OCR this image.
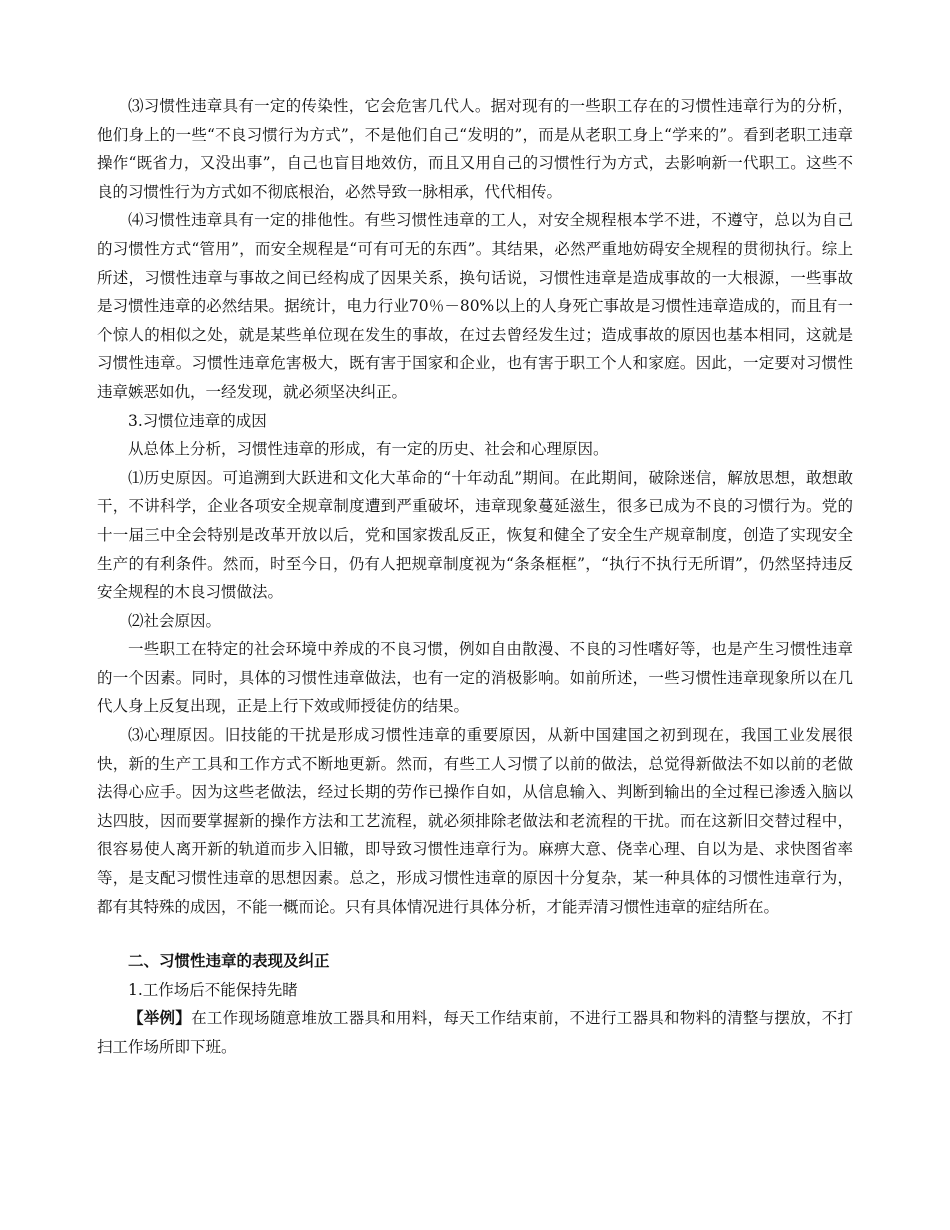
⑶习惯性违章具有一定的传染性，它会危害几代人。据对现有的一些职工存在的习惯性违章行为的分析，他们身上的一些“不良习惯行为方式”，不是他们自己“发明的”，而是从老职工身上“学来的”。看到老职工违章操作“既省力，又没出事”，自己也盲目地效仿，而且又用自己的习惯性行为方式，去影响新一代职工。这些不良的习惯性行为方式如不彻底根治，必然导致一脉相承，代代相传。

⑷习惯性违章具有一定的排他性。有些习惯性违章的工人，对安全规程根本学不进，不遵守，总以为自己的习惯性方式“管用”，而安全规程是“可有可无的东西”。其结果，必然严重地妨碍安全规程的贯彻执行。综上所述，习惯性违章与事故之间已经构成了因果关系，换句话说，习惯性违章是造成事故的一大根源，一些事故是习惯性违章的必然结果。据统计，电力行业70％－80%以上的人身死亡事故是习惯性违章造成的，而且有一个惊人的相似之处，就是某些单位现在发生的事故，在过去曾经发生过；造成事故的原因也基本相同，这就是习惯性违章。习惯性违章危害极大，既有害于国家和企业，也有害于职工个人和家庭。因此，一定要对习惯性违章嫉恶如仇，一经发现，就必须坚决纠正。

3.习惯位违章的成因

从总体上分析，习惯性违章的形成，有一定的历史、社会和心理原因。

⑴历史原因。可追溯到大跃进和文化大革命的“十年动乱”期间。在此期间，破除迷信，解放思想，敢想敢干，不讲科学，企业各项安全规章制度遭到严重破坏，违章现象蔓延滋生，很多已成为不良的习惯行为。党的十一届三中全会特别是改革开放以后，党和国家拨乱反正，恢复和健全了安全生产规章制度，创造了实现安全生产的有利条件。然而，时至今日，仍有人把规章制度视为“条条框框”，“执行不执行无所谓”，仍然坚持违反安全规程的木良习惯做法。

⑵社会原因。

一些职工在特定的社会环境中养成的不良习惯，例如自由散漫、不良的习性嗜好等，也是产生习惯性违章的一个因素。同时，具体的习惯性违章做法，也有一定的消极影响。如前所述，一些习惯性违章现象所以在几代人身上反复出现，正是上行下效或师授徒仿的结果。

⑶心理原因。旧技能的干扰是形成习惯性违章的重要原因，从新中国建国之初到现在，我国工业发展很快，新的生产工具和工作方式不断地更新。然而，有些工人习惯了以前的做法，总觉得新做法不如以前的老做法得心应手。因为这些老做法，经过长期的劳作已操作自如，从信息输入、判断到输出的全过程已渗透入脑以达四肢，因而要掌握新的操作方法和工艺流程，就必须排除老做法和老流程的干扰。而在这新旧交替过程中，很容易使人离开新的轨道而步入旧辙，即导致习惯性违章行为。麻痹大意、侥幸心理、自以为是、求快图省率等，是支配习惯性违章的思想因素。总之，形成习惯性违章的原因十分复杂，某一种具体的习惯性违章行为，都有其特殊的成因，不能一概而论。只有具体情况进行具体分析，才能弄清习惯性违章的症结所在。

二、习惯性违章的表现及纠正

1.工作场后不能保持先睹

【举例】在工作现场随意堆放工器具和用料，每天工作结束前，不进行工器具和物料的清整与摆放，不打扫工作场所即下班。
